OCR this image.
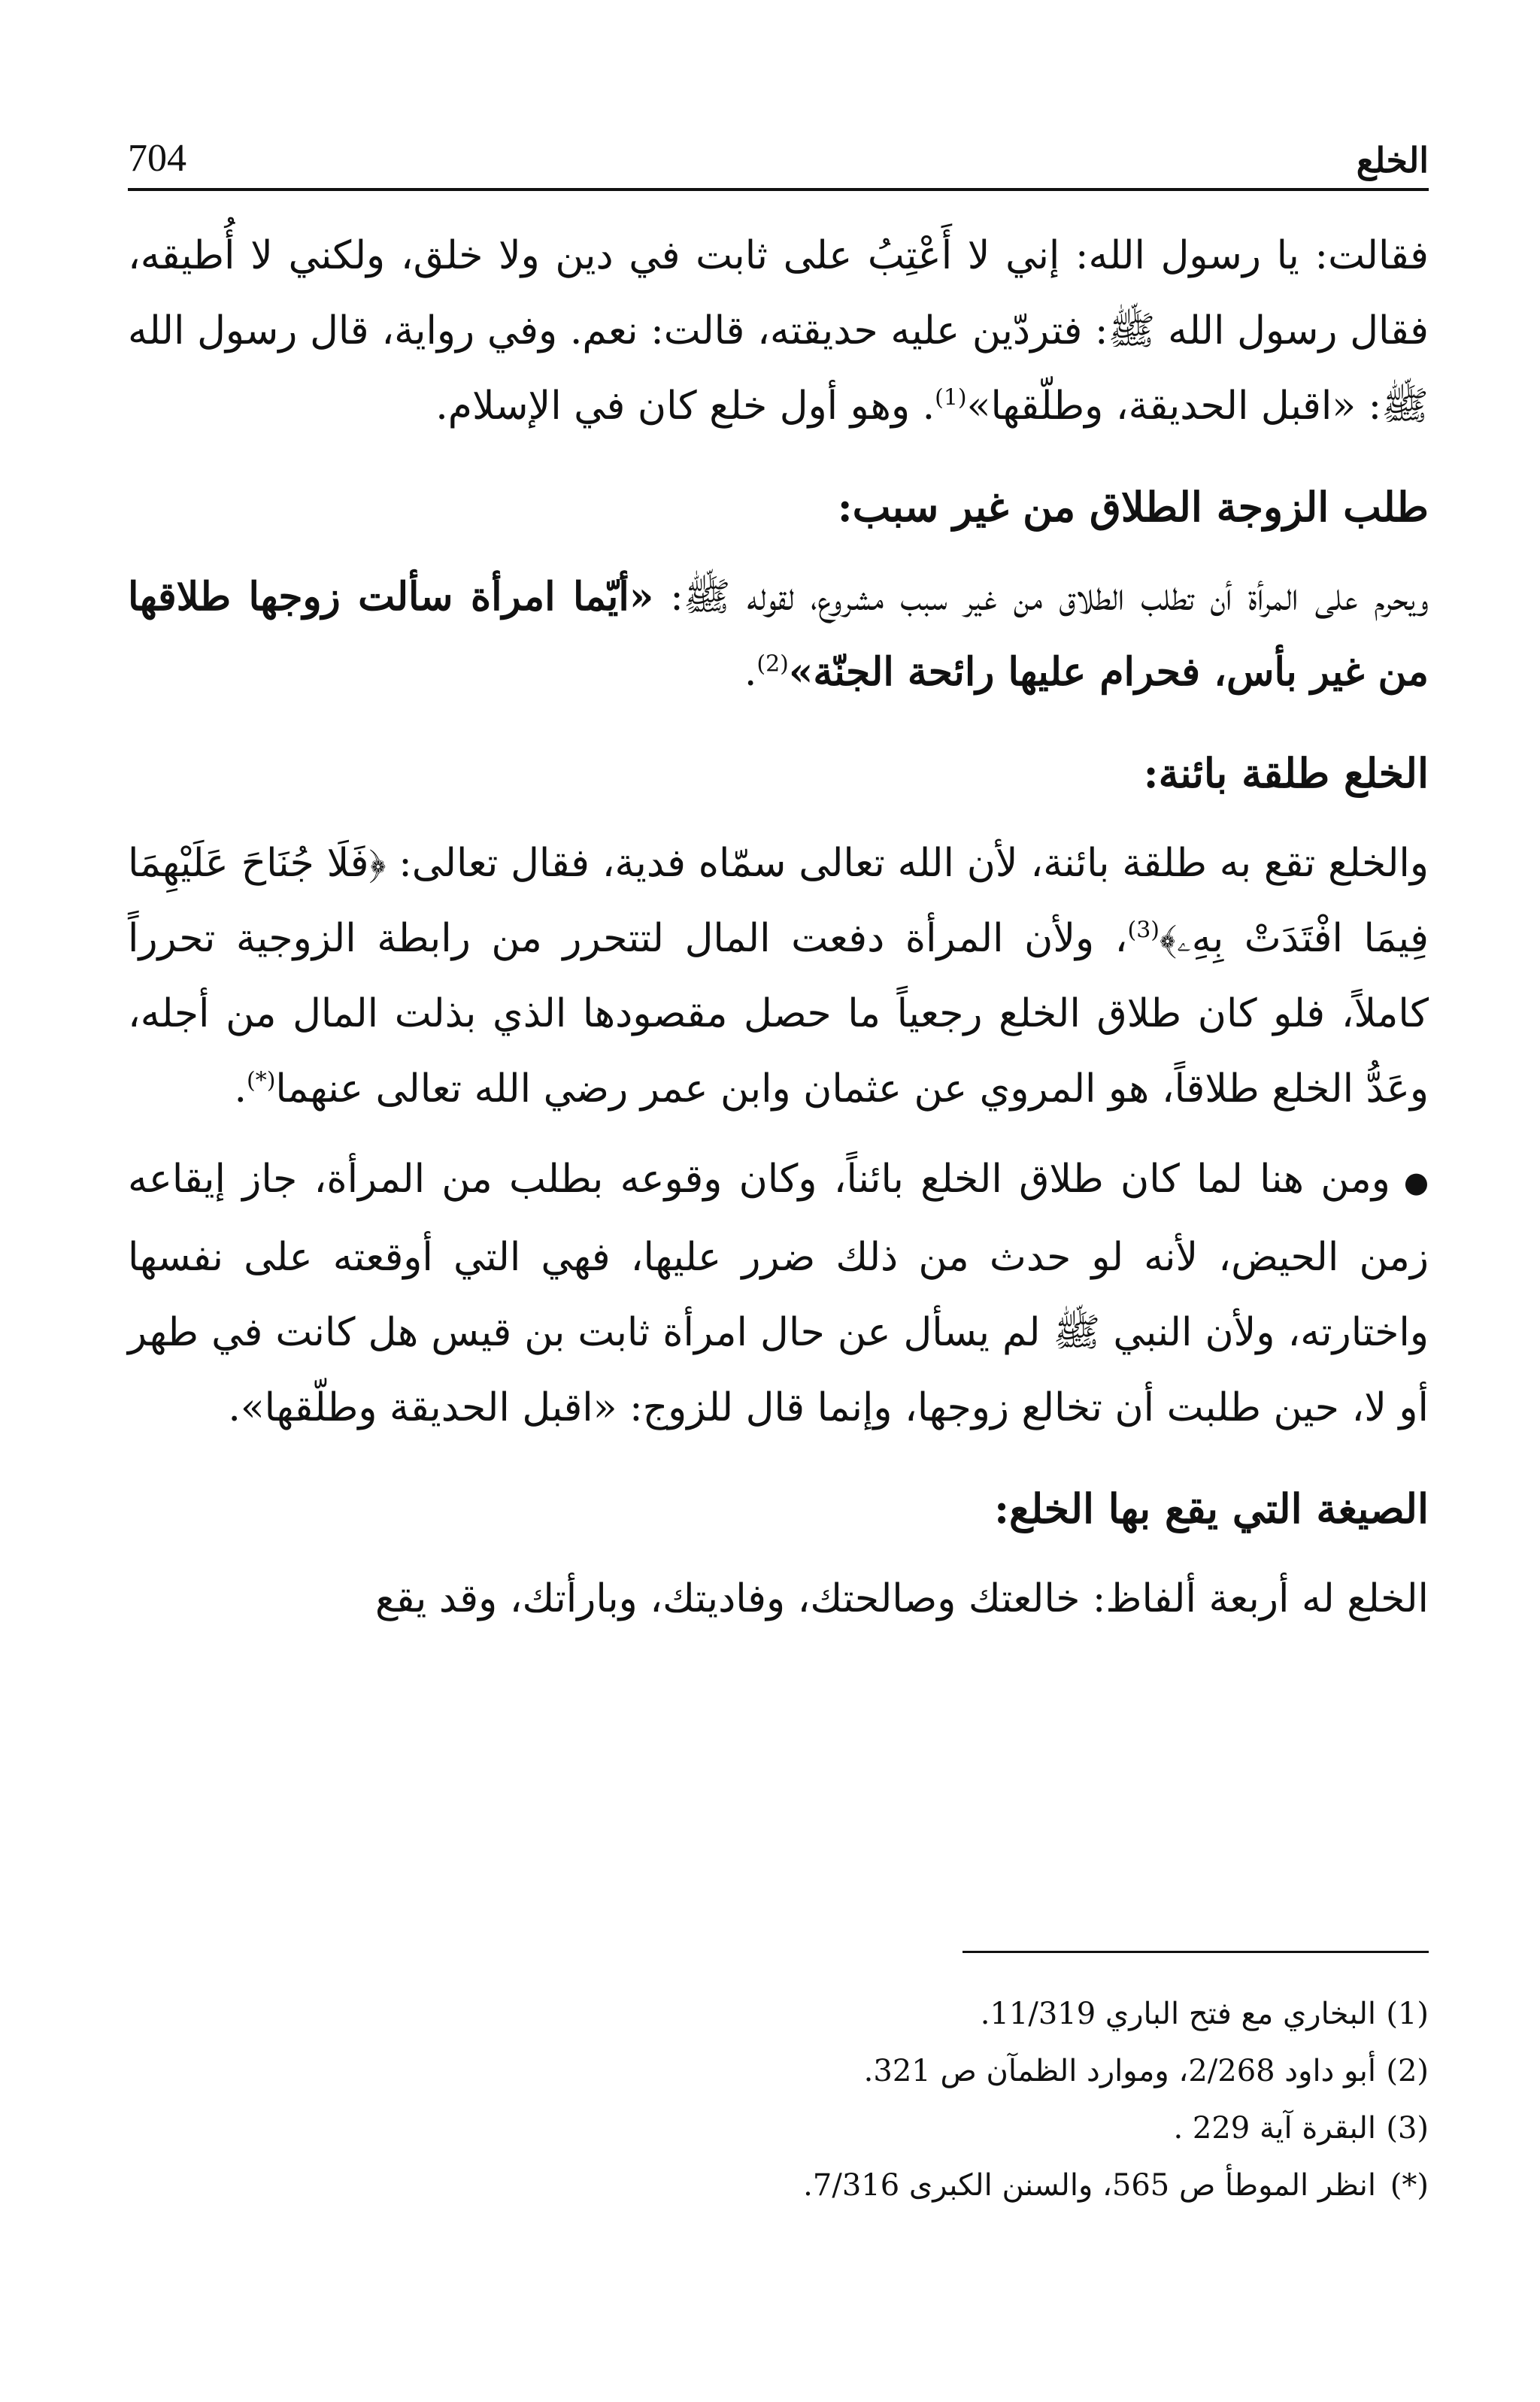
الخلع
704

فقالت: يا رسول الله: إني لا أَعْتِبُ على ثابت في دين ولا خلق، ولكني لا أُطيقه، فقال رسول الله ﷺ: فتردّين عليه حديقته، قالت: نعم. وفي رواية، قال رسول الله ﷺ: «اقبل الحديقة، وطلّقها»$^{(1)}$. وهو أول خلع كان في الإسلام.

طلب الزوجة الطلاق من غير سبب:

ويحرم على المرأة أن تطلب الطلاق من غير سبب مشروع، لقوله ﷺ: «أيّما امرأة سألت زوجها طلاقها من غير بأس، فحرام عليها رائحة الجنّة»$^{(2)}$.

الخلع طلقة بائنة:

والخلع تقع به طلقة بائنة، لأن الله تعالى سمّاه فدية، فقال تعالى: ﴿فَلَا جُنَاحَ عَلَيْهِمَا فِيمَا افْتَدَتْ بِهِۦ﴾$^{(3)}$، ولأن المرأة دفعت المال لتتحرر من رابطة الزوجية تحرراً كاملاً، فلو كان طلاق الخلع رجعياً ما حصل مقصودها الذي بذلت المال من أجله، وعَدُّ الخلع طلاقاً، هو المروي عن عثمان وابن عمر رضي الله تعالى عنهما(*).

●ومن هنا لما كان طلاق الخلع بائناً، وكان وقوعه بطلب من المرأة، جاز إيقاعه زمن الحيض، لأنه لو حدث من ذلك ضرر عليها، فهي التي أوقعته على نفسها واختارته، ولأن النبي ﷺ لم يسأل عن حال امرأة ثابت بن قيس هل كانت في طهر أو لا، حين طلبت أن تخالع زوجها، وإنما قال للزوج: «اقبل الحديقة وطلّقها».

الصيغة التي يقع بها الخلع:

الخلع له أربعة ألفاظ: خالعتك وصالحتك، وفاديتك، وبارأتك، وقد يقع

(1)البخاري مع فتح الباري 11/319.
(2)أبو داود 2/268، وموارد الظمآن ص 321.
(3)البقرة آية 229 .
(*)انظر الموطأ ص 565، والسنن الكبرى 7/316.
